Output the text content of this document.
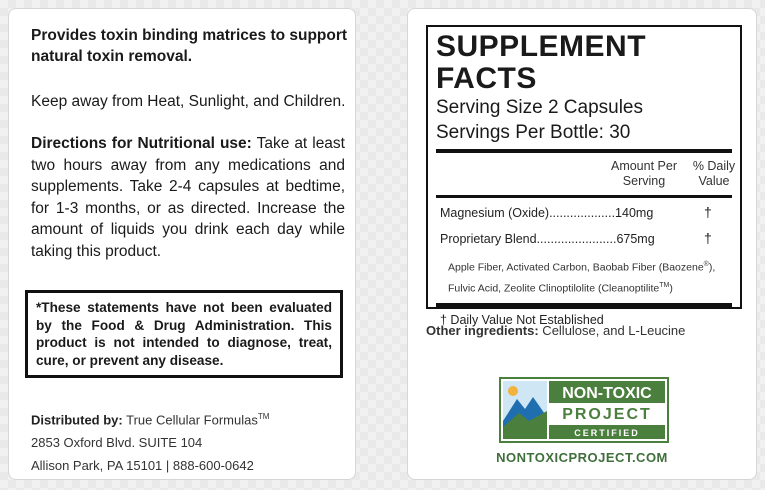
Provides toxin binding matrices to support natural toxin removal.
Keep away from Heat, Sunlight, and Children.
Directions for Nutritional use: Take at least two hours away from any medications and supplements. Take 2-4 capsules at bedtime, for 1-3 months, or as directed. Increase the amount of liquids you drink each day while taking this product.
*These statements have not been evaluated by the Food & Drug Administration. This product is not intended to diagnose, treat, cure, or prevent any disease.
Distributed by: True Cellular Formulas™
2853 Oxford Blvd. SUITE 104
Allison Park, PA 15101 | 888-600-0642
SUPPLEMENT FACTS
Serving Size 2 Capsules
Servings Per Bottle: 30
Amount Per
Serving
% Daily
Value
Magnesium (Oxide)...................140mg	†
Proprietary Blend.......................675mg	†
Apple Fiber, Activated Carbon, Baobab Fiber (Baozene®),
Fulvic Acid, Zeolite Clinoptilolite (Cleanoptilite™)
† Daily Value Not Established
Other ingredients: Cellulose, and L-Leucine
NON-TOXIC
PROJECT
CERTIFIED
NONTOXICPROJECT.COM
